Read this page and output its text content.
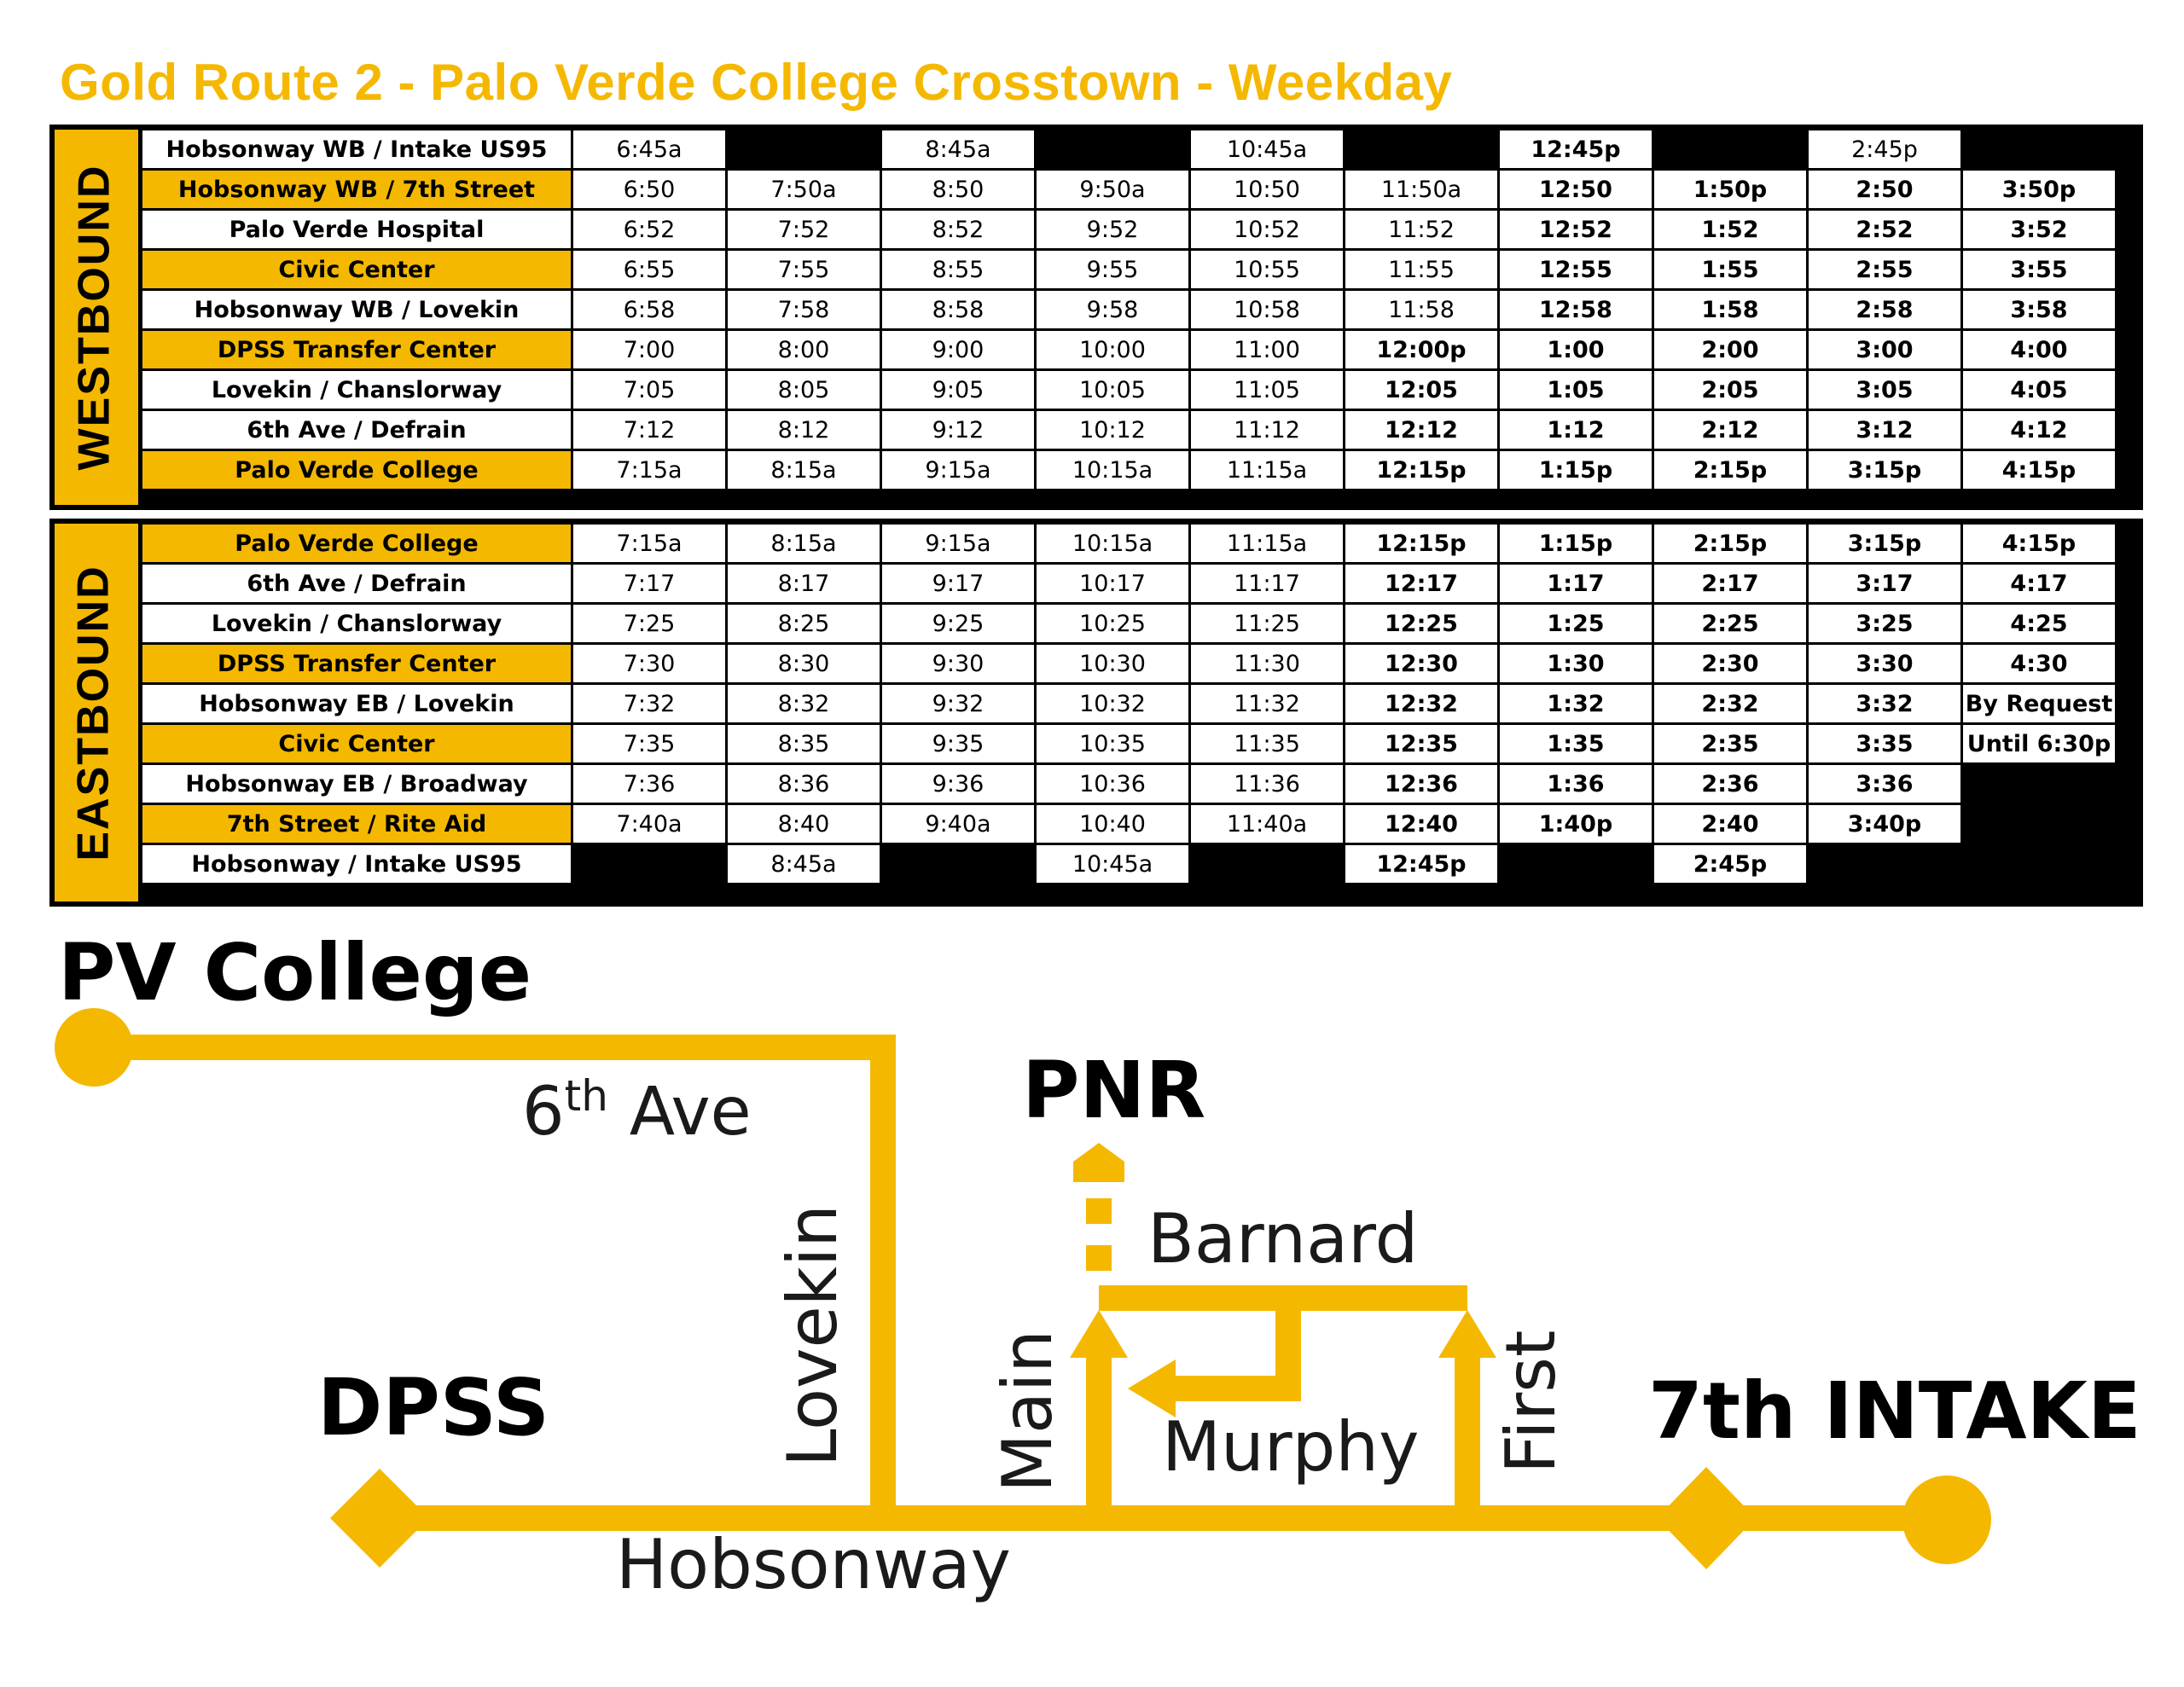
Gold Route 2 - Palo Verde College Crosstown - Weekday
WESTBOUND
Hobsonway WB / Intake US95	6:45a		8:45a		10:45a		12:45p		2:45p	
Hobsonway WB / 7th Street	6:50	7:50a	8:50	9:50a	10:50	11:50a	12:50	1:50p	2:50	3:50p
Palo Verde Hospital	6:52	7:52	8:52	9:52	10:52	11:52	12:52	1:52	2:52	3:52
Civic Center	6:55	7:55	8:55	9:55	10:55	11:55	12:55	1:55	2:55	3:55
Hobsonway WB / Lovekin	6:58	7:58	8:58	9:58	10:58	11:58	12:58	1:58	2:58	3:58
DPSS Transfer Center	7:00	8:00	9:00	10:00	11:00	12:00p	1:00	2:00	3:00	4:00
Lovekin / Chanslorway	7:05	8:05	9:05	10:05	11:05	12:05	1:05	2:05	3:05	4:05
6th Ave / Defrain	7:12	8:12	9:12	10:12	11:12	12:12	1:12	2:12	3:12	4:12
Palo Verde College	7:15a	8:15a	9:15a	10:15a	11:15a	12:15p	1:15p	2:15p	3:15p	4:15p
EASTBOUND
Palo Verde College	7:15a	8:15a	9:15a	10:15a	11:15a	12:15p	1:15p	2:15p	3:15p	4:15p
6th Ave / Defrain	7:17	8:17	9:17	10:17	11:17	12:17	1:17	2:17	3:17	4:17
Lovekin / Chanslorway	7:25	8:25	9:25	10:25	11:25	12:25	1:25	2:25	3:25	4:25
DPSS Transfer Center	7:30	8:30	9:30	10:30	11:30	12:30	1:30	2:30	3:30	4:30
Hobsonway EB / Lovekin	7:32	8:32	9:32	10:32	11:32	12:32	1:32	2:32	3:32	By Request
Civic Center	7:35	8:35	9:35	10:35	11:35	12:35	1:35	2:35	3:35	Until 6:30p
Hobsonway EB / Broadway	7:36	8:36	9:36	10:36	11:36	12:36	1:36	2:36	3:36	
7th Street / Rite Aid	7:40a	8:40	9:40a	10:40	11:40a	12:40	1:40p	2:40	3:40p	
Hobsonway / Intake US95		8:45a		10:45a		12:45p		2:45p		
PV College
6th Ave
Lovekin
PNR
Barnard
Main Murphy First
DPSS	7th INTAKE
Hobsonway
